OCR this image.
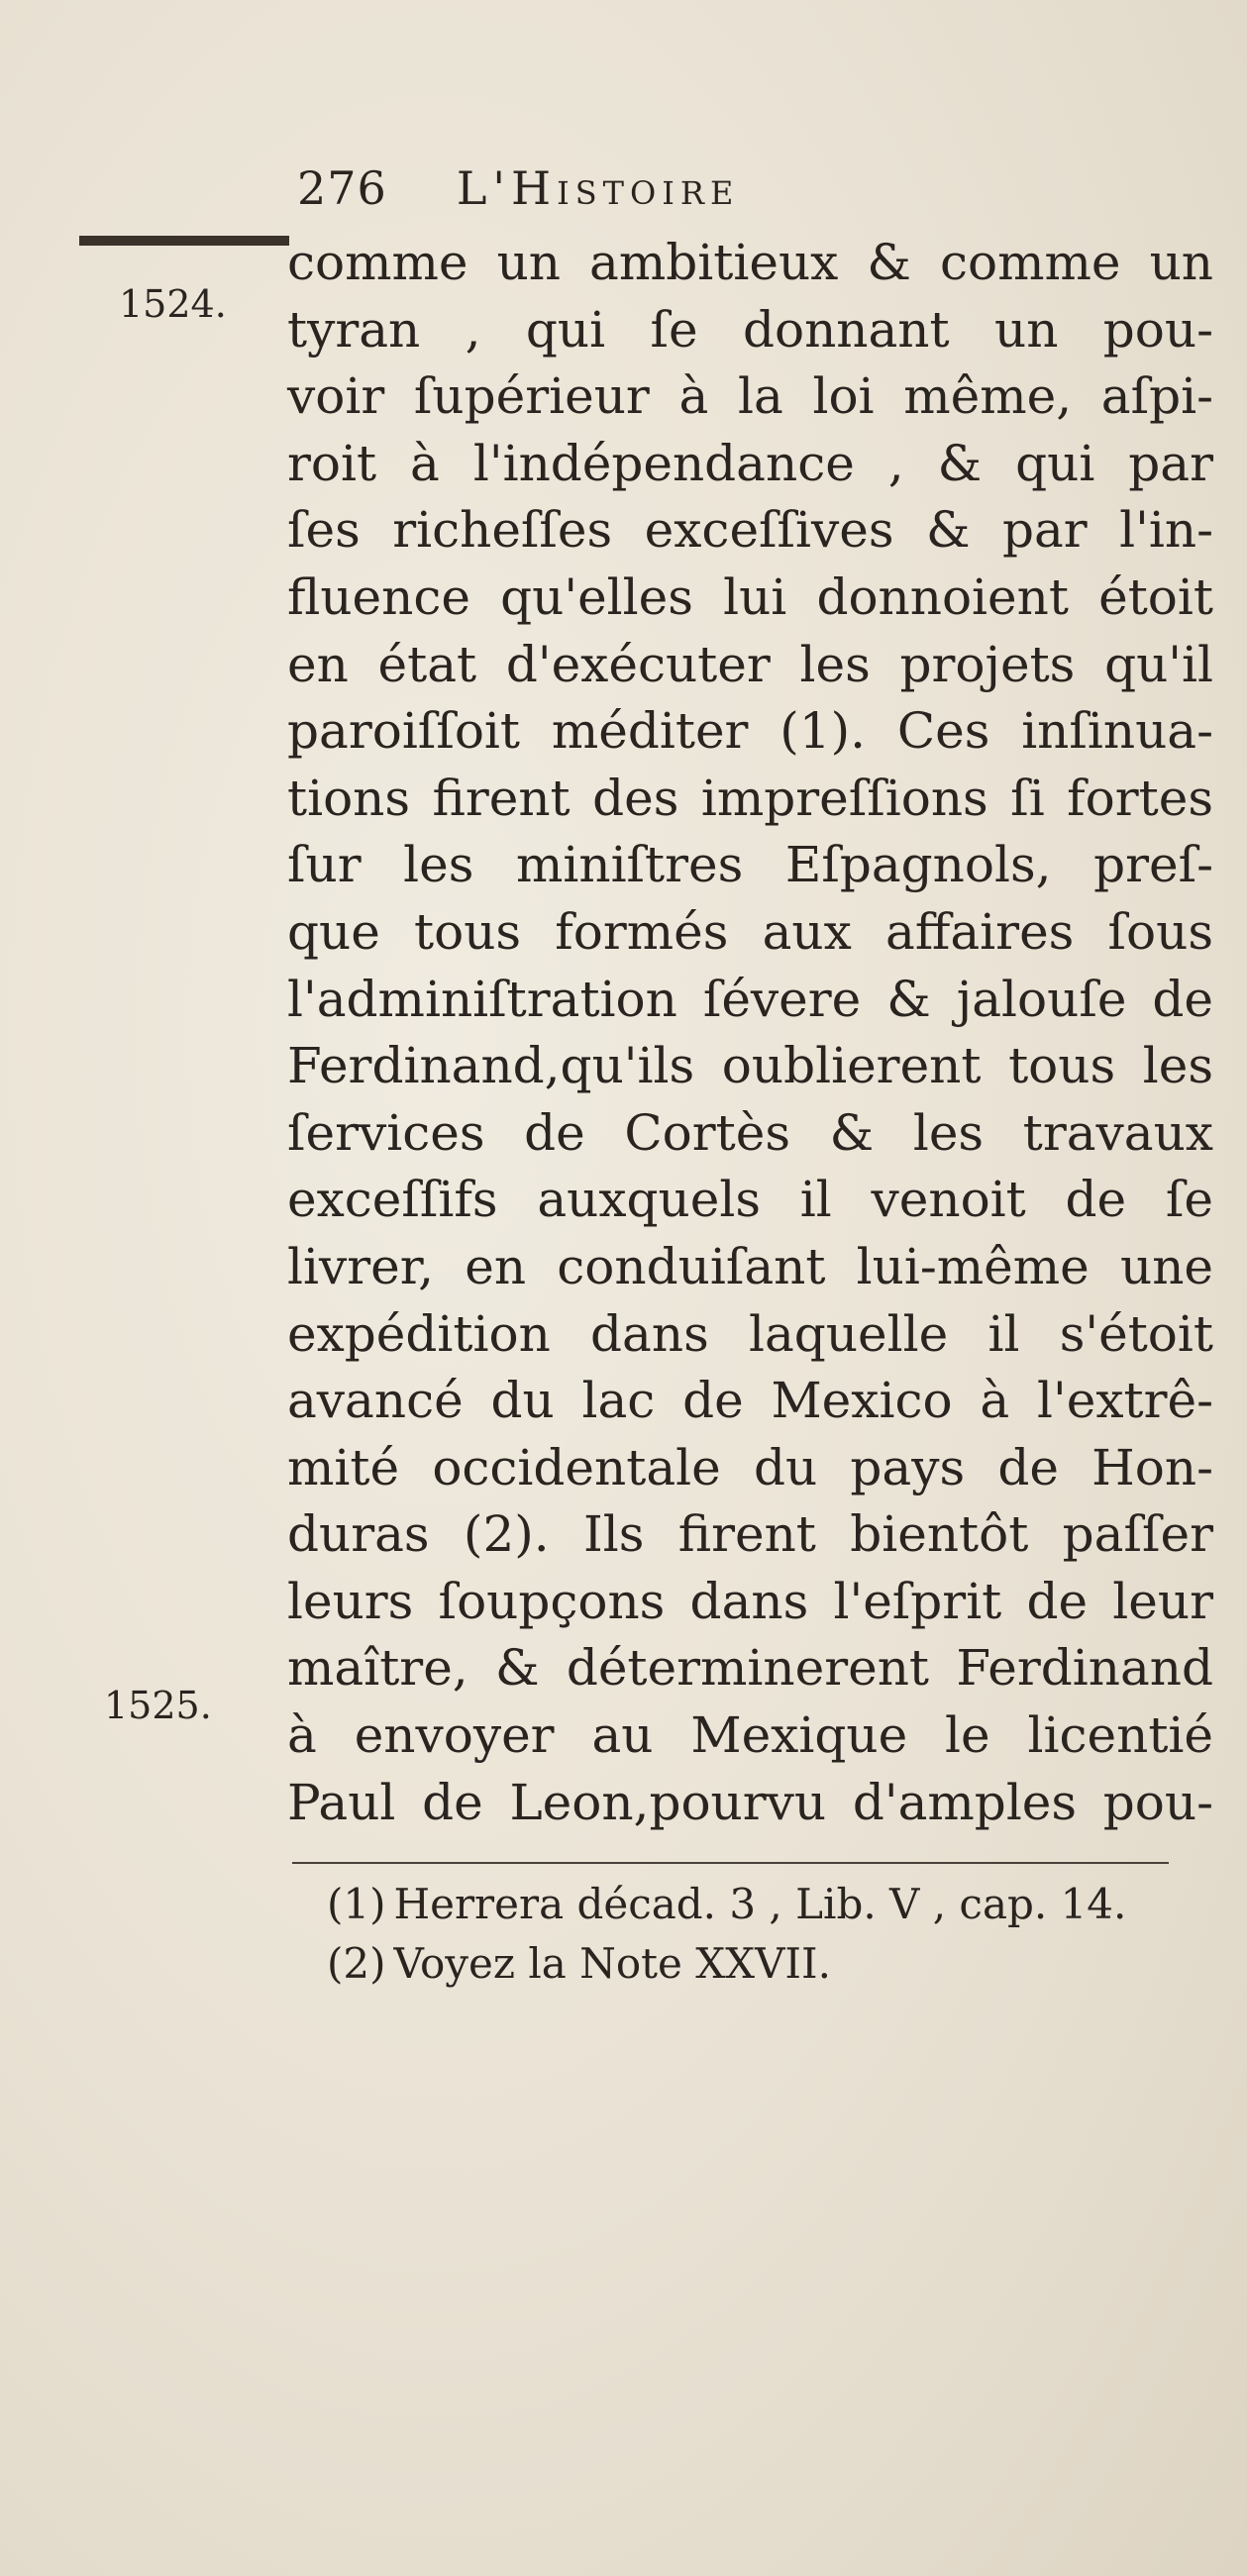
276 L'Histoire
1524.
1525.
comme un ambitieux & comme un
tyran , qui ſe donnant un pou-
voir ſupérieur à la loi même, aſpi-
roit à l'indépendance , & qui par
ſes richeſſes exceſſives & par l'in-
fluence qu'elles lui donnoient étoit
en état d'exécuter les projets qu'il
paroiſſoit méditer (1). Ces inſinua-
tions firent des impreſſions ſi fortes
ſur les miniſtres Eſpagnols, preſ-
que tous formés aux affaires ſous
l'adminiſtration ſévere & jalouſe de
Ferdinand,qu'ils oublierent tous les
ſervices de Cortès & les travaux
exceſſifs auxquels il venoit de ſe
livrer, en conduiſant lui-même une
expédition dans laquelle il s'étoit
avancé du lac de Mexico à l'extrê-
mité occidentale du pays de Hon-
duras (2). Ils firent bientôt paſſer
leurs ſoupçons dans l'eſprit de leur
maître, & déterminerent Ferdinand
à envoyer au Mexique le licentié
Paul de Leon,pourvu d'amples pou-
(1) Herrera décad. 3 , Lib. V , cap. 14.
(2) Voyez la Note XXVII.
